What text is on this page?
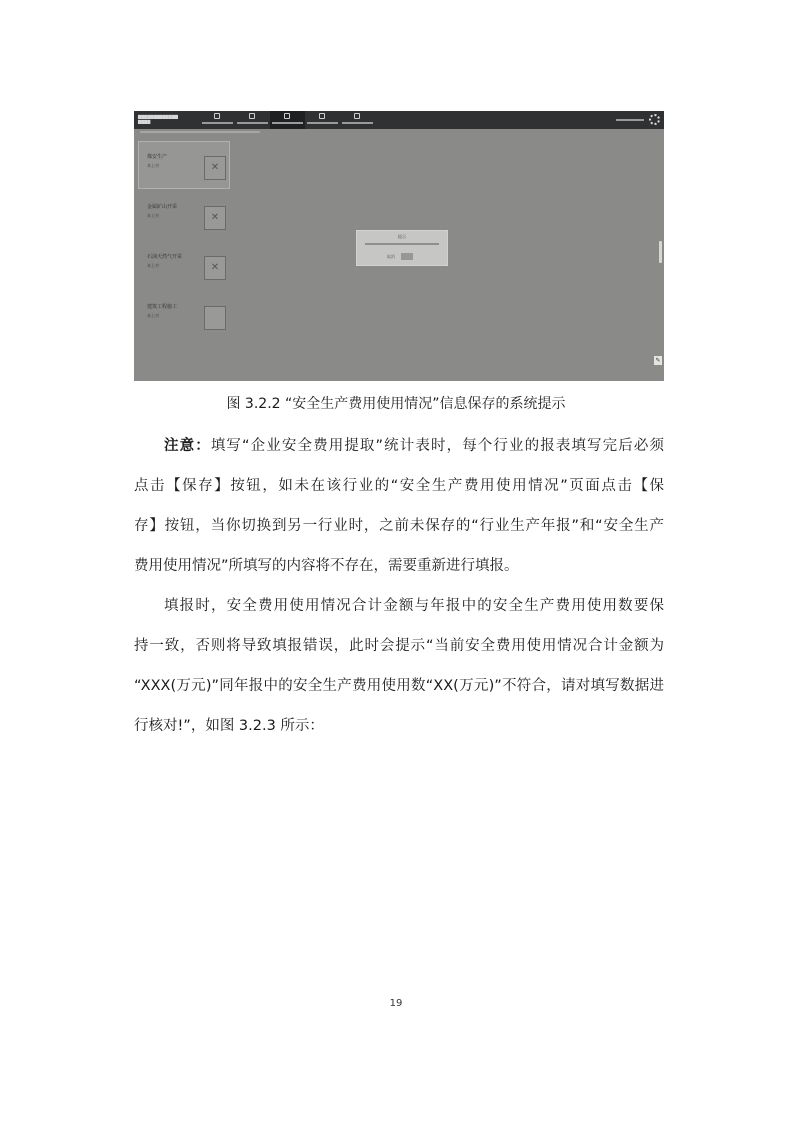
▇▇▇▇▇▇▇▇▇▇▇▇▇
▇▇▇▇
煤安生产
本上对	✕
金属矿山开采
本上对	✕
石油天然气开采
本上对	✕
建筑工程施工
本上对
提示
取消
✎
图 3.2.2 “安全生产费用使用情况”信息保存的系统提示
注意：填写“企业安全费用提取”统计表时，每个行业的报表填写完后必须
点击【保存】按钮，如未在该行业的“安全生产费用使用情况”页面点击【保
存】按钮，当你切换到另一行业时，之前未保存的“行业生产年报”和“安全生产
费用使用情况”所填写的内容将不存在，需要重新进行填报。
填报时，安全费用使用情况合计金额与年报中的安全生产费用使用数要保
持一致，否则将导致填报错误，此时会提示“当前安全费用使用情况合计金额为
“XXX(万元)”同年报中的安全生产费用使用数“XX(万元)”不符合，请对填写数据进
行核对!”，如图 3.2.3 所示：
19
